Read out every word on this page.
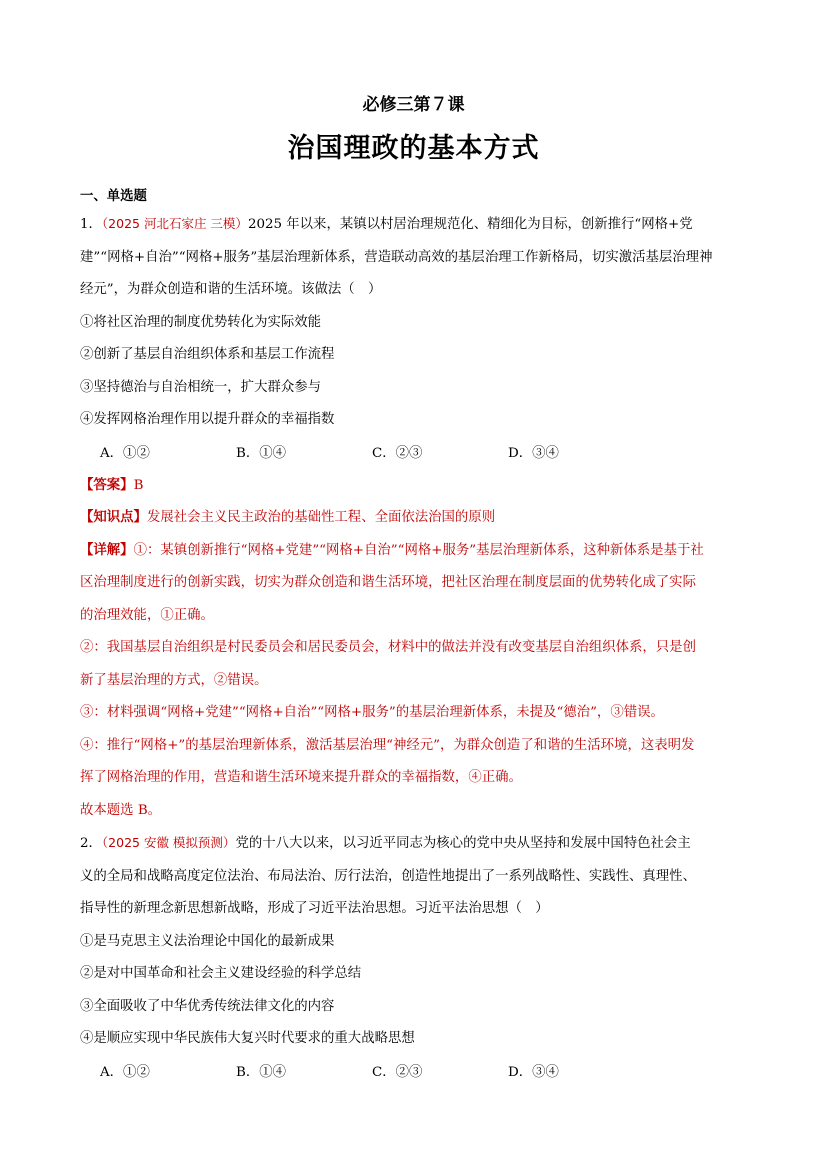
必修三第７课
治国理政的基本方式

一、单选题

1．（2025 河北石家庄 三模）2025 年以来，某镇以村居治理规范化、精细化为目标，创新推行“网格+党

建”“网格+自治”“网格+服务”基层治理新体系，营造联动高效的基层治理工作新格局，切实激活基层治理神

经元”，为群众创造和谐的生活环境。该做法（　）

①将社区治理的制度优势转化为实际效能

②创新了基层自治组织体系和基层工作流程

③坚持德治与自治相统一，扩大群众参与

④发挥网格治理作用以提升群众的幸福指数

A．①②	B．①④	C．②③	D．③④

【答案】B

【知识点】发展社会主义民主政治的基础性工程、全面依法治国的原则

【详解】①：某镇创新推行“网格+党建”“网格+自治”“网格+服务”基层治理新体系，这种新体系是基于社

区治理制度进行的创新实践，切实为群众创造和谐生活环境，把社区治理在制度层面的优势转化成了实际

的治理效能，①正确。

②：我国基层自治组织是村民委员会和居民委员会，材料中的做法并没有改变基层自治组织体系，只是创

新了基层治理的方式，②错误。

③：材料强调“网格+党建”“网格+自治”“网格+服务”的基层治理新体系，未提及“德治”，③错误。

④：推行“网格+”的基层治理新体系，激活基层治理“神经元”，为群众创造了和谐的生活环境，这表明发

挥了网格治理的作用，营造和谐生活环境来提升群众的幸福指数，④正确。

故本题选 B。

2．（2025 安徽 模拟预测）党的十八大以来，以习近平同志为核心的党中央从坚持和发展中国特色社会主

义的全局和战略高度定位法治、布局法治、厉行法治，创造性地提出了一系列战略性、实践性、真理性、

指导性的新理念新思想新战略，形成了习近平法治思想。习近平法治思想（　）

①是马克思主义法治理论中国化的最新成果

②是对中国革命和社会主义建设经验的科学总结

③全面吸收了中华优秀传统法律文化的内容

④是顺应实现中华民族伟大复兴时代要求的重大战略思想

A．①②	B．①④	C．②③	D．③④
